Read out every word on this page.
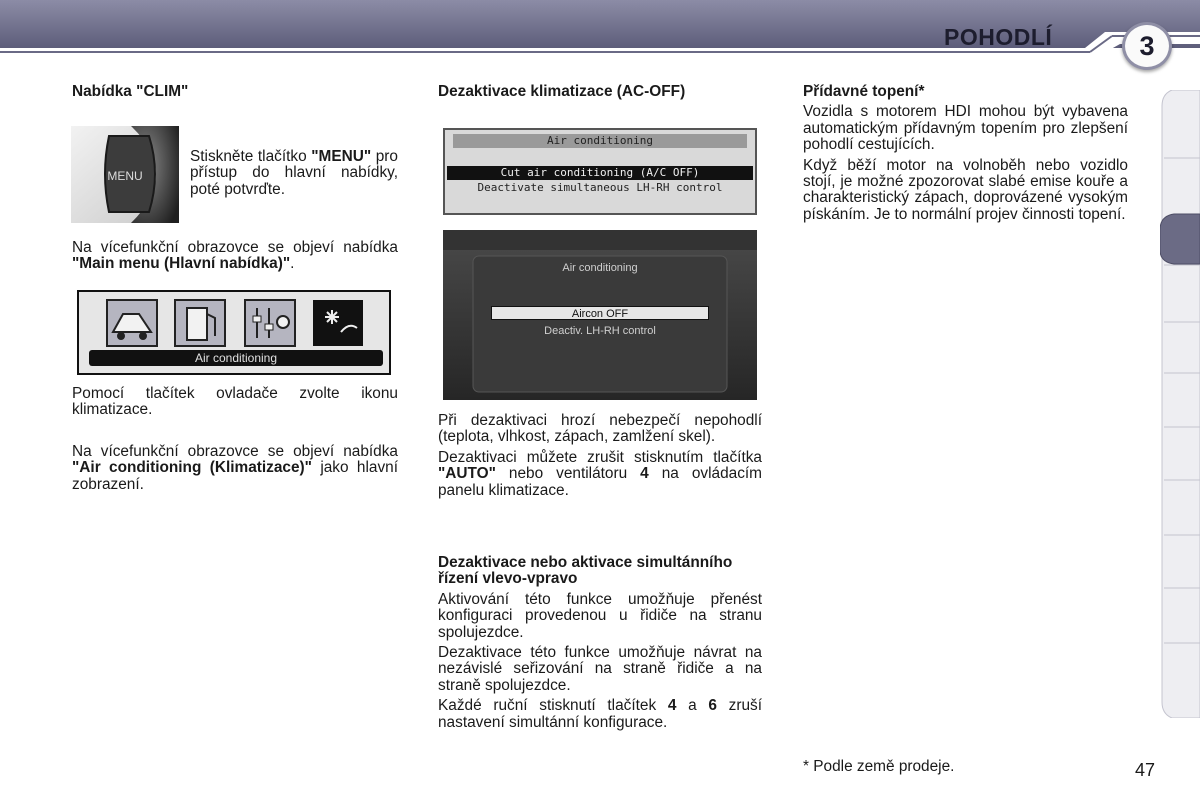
POHODLÍ	3
Nabídka "CLIM"
MENU

Stiskněte tlačítko "MENU" pro přístup do hlavní nabídky, poté potvrďte.

Na vícefunkční obrazovce se objeví nabídka "Main menu (Hlavní nabídka)".

Air conditioning

Pomocí tlačítek ovladače zvolte ikonu klimatizace.

Na vícefunkční obrazovce se objeví nabídka "Air conditioning (Klimatizace)" jako hlavní zobrazení.

Dezaktivace klimatizace (AC-OFF)
Air conditioning
Cut air conditioning (A/C OFF)
Deactivate simultaneous LH-RH control
Air conditioning
Aircon OFF
Deactiv. LH-RH control

Při dezaktivaci hrozí nebezpečí nepohodlí (teplota, vlhkost, zápach, zamlžení skel).

Dezaktivaci můžete zrušit stisknutím tlačítka "AUTO" nebo ventilátoru 4 na ovládacím panelu klimatizace.

Dezaktivace nebo aktivace simultánního řízení vlevo-vpravo

Aktivování této funkce umožňuje přenést konfiguraci provedenou u řidiče na stranu spolujezdce.

Dezaktivace této funkce umožňuje návrat na nezávislé seřizování na straně řidiče a na straně spolujezdce.

Každé ruční stisknutí tlačítek 4 a 6 zruší nastavení simultánní konfigurace.

Přídavné topení*

Vozidla s motorem HDI mohou být vybavena automatickým přídavným topením pro zlepšení pohodlí cestujících.

Když běží motor na volnoběh nebo vozidlo stojí, je možné zpozorovat slabé emise kouře a charakteristický zápach, doprovázené vysokým pískáním. Je to normální projev činnosti topení.

* Podle země prodeje.	47
